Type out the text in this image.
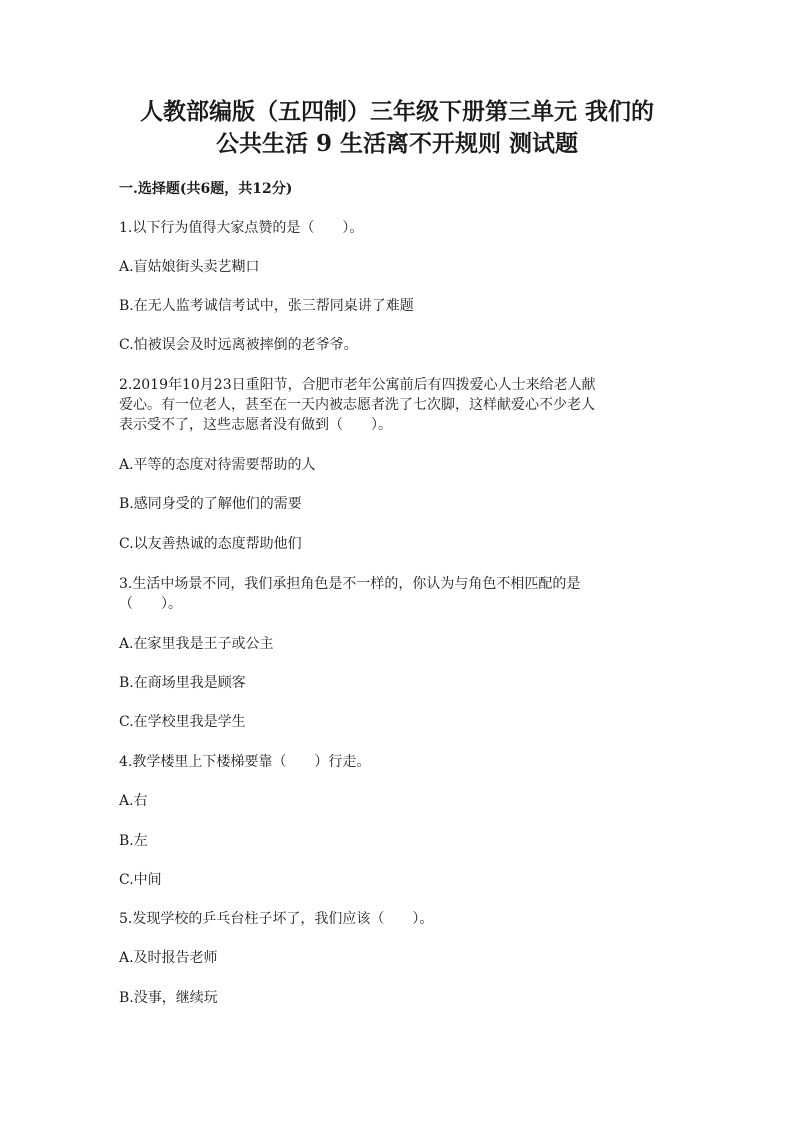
人教部编版（五四制）三年级下册第三单元 我们的
公共生活 9 生活离不开规则 测试题
一.选择题(共6题，共12分)
1.以下行为值得大家点赞的是（　　）。
A.盲姑娘街头卖艺糊口
B.在无人监考诚信考试中，张三帮同桌讲了难题
C.怕被误会及时远离被摔倒的老爷爷。
2.2019年10月23日重阳节，合肥市老年公寓前后有四拨爱心人士来给老人献
爱心。有一位老人，甚至在一天内被志愿者洗了七次脚，这样献爱心不少老人
表示受不了，这些志愿者没有做到（　　）。
A.平等的态度对待需要帮助的人
B.感同身受的了解他们的需要
C.以友善热诚的态度帮助他们
3.生活中场景不同，我们承担角色是不一样的，你认为与角色不相匹配的是
（　　）。
A.在家里我是王子或公主
B.在商场里我是顾客
C.在学校里我是学生
4.教学楼里上下楼梯要靠（　　）行走。
A.右
B.左
C.中间
5.发现学校的乒乓台柱子坏了，我们应该（　　）。
A.及时报告老师
B.没事，继续玩
